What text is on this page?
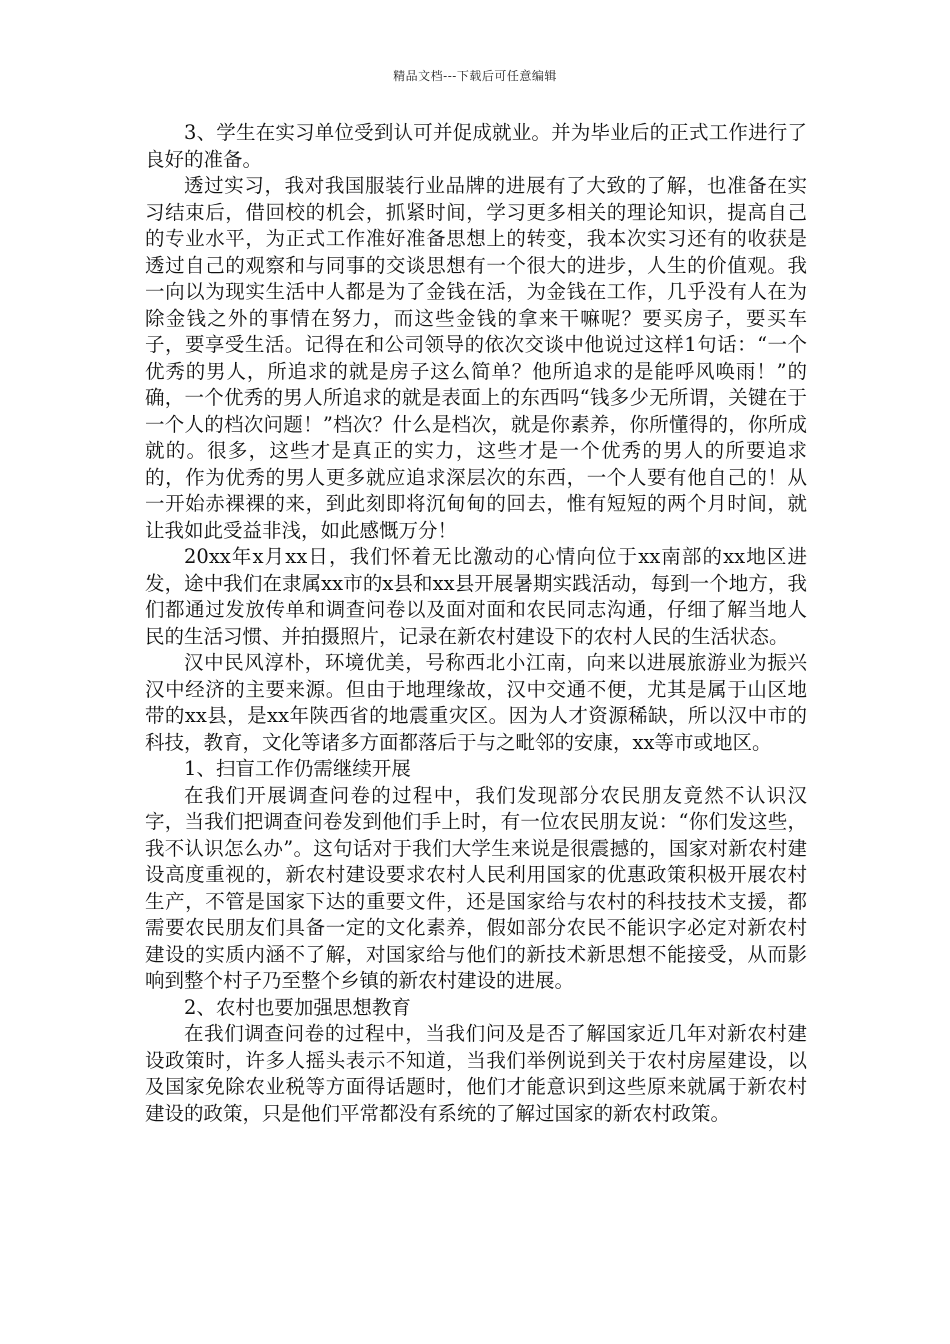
精品文档---下载后可任意编辑

3、学生在实习单位受到认可并促成就业。并为毕业后的正式工作进行了良好的准备。

透过实习，我对我国服装行业品牌的进展有了大致的了解，也准备在实习结束后，借回校的机会，抓紧时间，学习更多相关的理论知识，提高自己的专业水平，为正式工作准好准备思想上的转变，我本次实习还有的收获是透过自己的观察和与同事的交谈思想有一个很大的进步，人生的价值观。我一向以为现实生活中人都是为了金钱在活，为金钱在工作，几乎没有人在为除金钱之外的事情在努力，而这些金钱的拿来干嘛呢？要买房子，要买车子，要享受生活。记得在和公司领导的依次交谈中他说过这样1句话：“一个优秀的男人，所追求的就是房子这么简单？他所追求的是能呼风唤雨！”的确，一个优秀的男人所追求的就是表面上的东西吗“钱多少无所谓，关键在于一个人的档次问题！”档次？什么是档次，就是你素养，你所懂得的，你所成就的。很多，这些才是真正的实力，这些才是一个优秀的男人的所要追求的，作为优秀的男人更多就应追求深层次的东西，一个人要有他自己的！从一开始赤裸裸的来，到此刻即将沉甸甸的回去，惟有短短的两个月时间，就让我如此受益非浅，如此感慨万分！

20xx年x月xx日，我们怀着无比激动的心情向位于xx南部的xx地区进发，途中我们在隶属xx市的x县和xx县开展暑期实践活动，每到一个地方，我们都通过发放传单和调查问卷以及面对面和农民同志沟通，仔细了解当地人民的生活习惯、并拍摄照片，记录在新农村建设下的农村人民的生活状态。

汉中民风淳朴，环境优美，号称西北小江南，向来以进展旅游业为振兴汉中经济的主要来源。但由于地理缘故，汉中交通不便，尤其是属于山区地带的xx县，是xx年陕西省的地震重灾区。因为人才资源稀缺，所以汉中市的科技，教育，文化等诸多方面都落后于与之毗邻的安康，xx等市或地区。

1、扫盲工作仍需继续开展

在我们开展调查问卷的过程中，我们发现部分农民朋友竟然不认识汉字，当我们把调查问卷发到他们手上时，有一位农民朋友说：“你们发这些，我不认识怎么办”。这句话对于我们大学生来说是很震撼的，国家对新农村建设高度重视的，新农村建设要求农村人民利用国家的优惠政策积极开展农村生产，不管是国家下达的重要文件，还是国家给与农村的科技技术支援，都需要农民朋友们具备一定的文化素养，假如部分农民不能识字必定对新农村建设的实质内涵不了解，对国家给与他们的新技术新思想不能接受，从而影响到整个村子乃至整个乡镇的新农村建设的进展。

2、农村也要加强思想教育

在我们调查问卷的过程中，当我们问及是否了解国家近几年对新农村建设政策时，许多人摇头表示不知道，当我们举例说到关于农村房屋建设，以及国家免除农业税等方面得话题时，他们才能意识到这些原来就属于新农村建设的政策，只是他们平常都没有系统的了解过国家的新农村政策。
